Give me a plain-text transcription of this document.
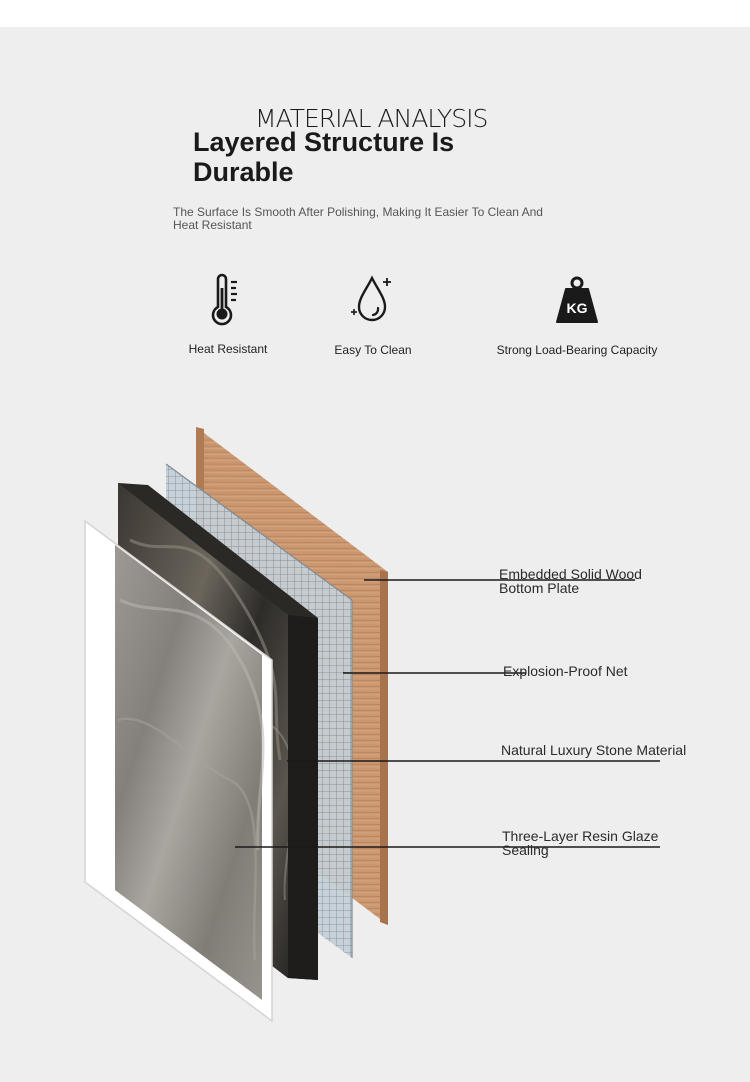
MATERIAL ANALYSIS
Layered Structure Is Durable
The Surface Is Smooth After Polishing, Making It Easier To Clean And Heat Resistant
Heat Resistant	Easy To Clean
KG
Strong Load-Bearing Capacity
Embedded Solid Wood Bottom Plate
Explosion-Proof Net
Natural Luxury Stone Material
Three-Layer Resin Glaze Sealing
